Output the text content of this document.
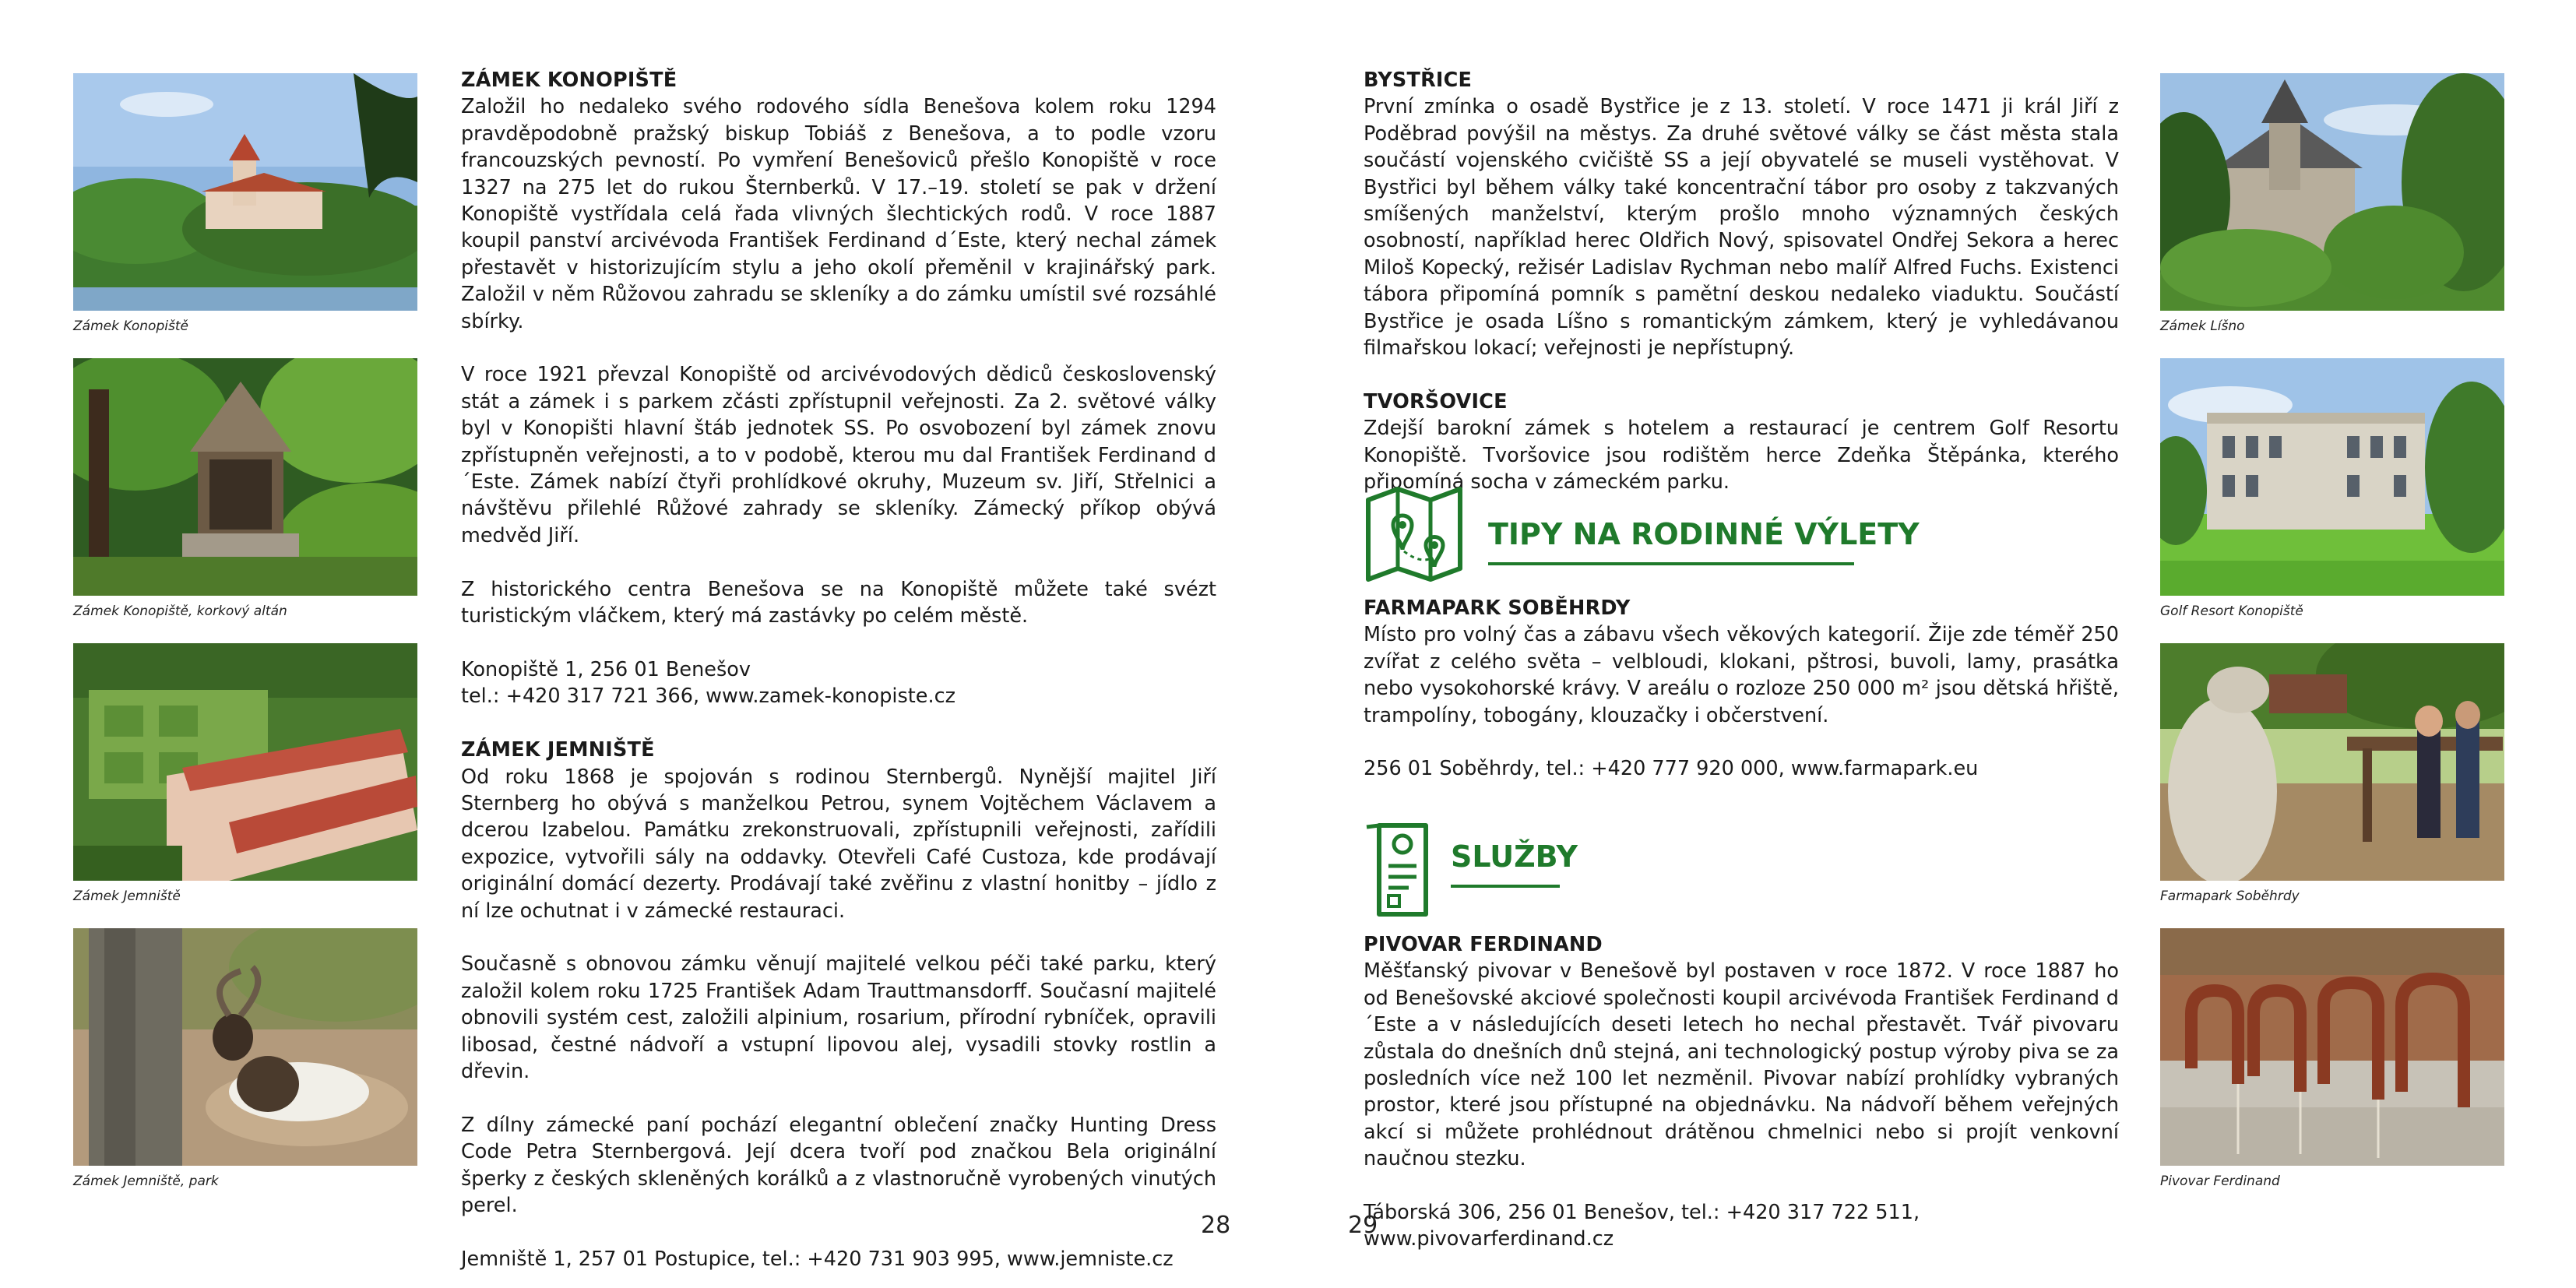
Zámek Konopiště
Zámek Konopiště, korkový altán
Zámek Jemniště
Zámek Jemniště, park
ZÁMEK KONOPIŠTĚ

Založil ho nedaleko svého rodového sídla Benešova kolem roku 1294 pravděpodobně pražský biskup Tobiáš z Benešova, a to podle vzoru francouzských pevností. Po vymření Benešoviců přešlo Konopiště v roce 1327 na 275 let do rukou Šternberků. V 17.–19. století se pak v držení Konopiště vystřídala celá řada vlivných šlechtických rodů. V roce 1887 koupil panství arcivévoda František Ferdinand d´Este, který nechal zámek přestavět v historizujícím stylu a jeho okolí přeměnil v krajinářský park. Založil v něm Růžovou zahradu se skleníky a do zámku umístil své rozsáhlé sbírky.

V roce 1921 převzal Konopiště od arcivévodových dědiců československý stát a zámek i s parkem zčásti zpřístupnil veřejnosti. Za 2. světové války byl v Konopišti hlavní štáb jednotek SS. Po osvobození byl zámek znovu zpřístupněn veřejnosti, a to v podobě, kterou mu dal František Ferdinand d´Este. Zámek nabízí čtyři prohlídkové okruhy, Muzeum sv. Jiří, Střelnici a návštěvu přilehlé Růžové zahrady se skleníky. Zámecký příkop obývá medvěd Jiří.

Z historického centra Benešova se na Konopiště můžete také svézt turistickým vláčkem, který má zastávky po celém městě.

Konopiště 1, 256 01 Benešov

tel.: +420 317 721 366, www.zamek-konopiste.cz

ZÁMEK JEMNIŠTĚ

Od roku 1868 je spojován s rodinou Sternbergů. Nynější majitel Jiří Sternberg ho obývá s manželkou Petrou, synem Vojtěchem Václavem a dcerou Izabelou. Památku zrekonstruovali, zpřístupnili veřejnosti, zařídili expozice, vytvořili sály na oddavky. Otevřeli Café Custoza, kde prodávají originální domácí dezerty. Prodávají také zvěřinu z vlastní honitby – jídlo z ní lze ochutnat i v zámecké restauraci.

Současně s obnovou zámku věnují majitelé velkou péči také parku, který založil kolem roku 1725 František Adam Trauttmansdorff. Současní majitelé obnovili systém cest, založili alpinium, rosarium, přírodní rybníček, opravili libosad, čestné nádvoří a vstupní lipovou alej, vysadili stovky rostlin a dřevin.

Z dílny zámecké paní pochází elegantní oblečení značky Hunting Dress Code Petra Sternbergová. Její dcera tvoří pod značkou Bela originální šperky z českých skleněných korálků a z vlastnoručně vyrobených vinutých perel.

Jemniště 1, 257 01 Postupice, tel.: +420 731 903 995, www.jemniste.cz

28
BYSTŘICE

První zmínka o osadě Bystřice je z 13. století. V roce 1471 ji král Jiří z Poděbrad povýšil na městys. Za druhé světové války se část města stala součástí vojenského cvičiště SS a její obyvatelé se museli vystěhovat. V Bystřici byl během války také koncentrační tábor pro osoby z takzvaných smíšených manželství, kterým prošlo mnoho významných českých osobností, například herec Oldřich Nový, spisovatel Ondřej Sekora a herec Miloš Kopecký, režisér Ladislav Rychman nebo malíř Alfred Fuchs. Existenci tábora připomíná pomník s pamětní deskou nedaleko viaduktu. Součástí Bystřice je osada Líšno s romantickým zámkem, který je vyhledávanou filmařskou lokací; veřejnosti je nepřístupný.

TVORŠOVICE

Zdejší barokní zámek s hotelem a restaurací je centrem Golf Resortu Konopiště. Tvoršovice jsou rodištěm herce Zdeňka Štěpánka, kterého připomíná socha v zámeckém parku.

TIPY NA RODINNÉ VÝLETY
FARMAPARK SOBĚHRDY

Místo pro volný čas a zábavu všech věkových kategorií. Žije zde téměř 250 zvířat z celého světa – velbloudi, klokani, pštrosi, buvoli, lamy, prasátka nebo vysokohorské krávy. V areálu o rozloze 250 000 m² jsou dětská hřiště, trampolíny, tobogány, klouzačky i občerstvení.

256 01 Soběhrdy, tel.: +420 777 920 000, www.farmapark.eu

SLUŽBY
PIVOVAR FERDINAND

Měšťanský pivovar v Benešově byl postaven v roce 1872. V roce 1887 ho od Benešovské akciové společnosti koupil arcivévoda František Ferdinand d´Este a v následujících deseti letech ho nechal přestavět. Tvář pivovaru zůstala do dnešních dnů stejná, ani technologický postup výroby piva se za posledních více než 100 let nezměnil. Pivovar nabízí prohlídky vybraných prostor, které jsou přístupné na objednávku. Na nádvoří během veřejných akcí si můžete prohlédnout drátěnou chmelnici nebo si projít venkovní naučnou stezku.

Táborská 306, 256 01 Benešov, tel.: +420 317 722 511, www.pivovarferdinand.cz

29
Zámek Líšno
Golf Resort Konopiště
Farmapark Soběhrdy
Pivovar Ferdinand
